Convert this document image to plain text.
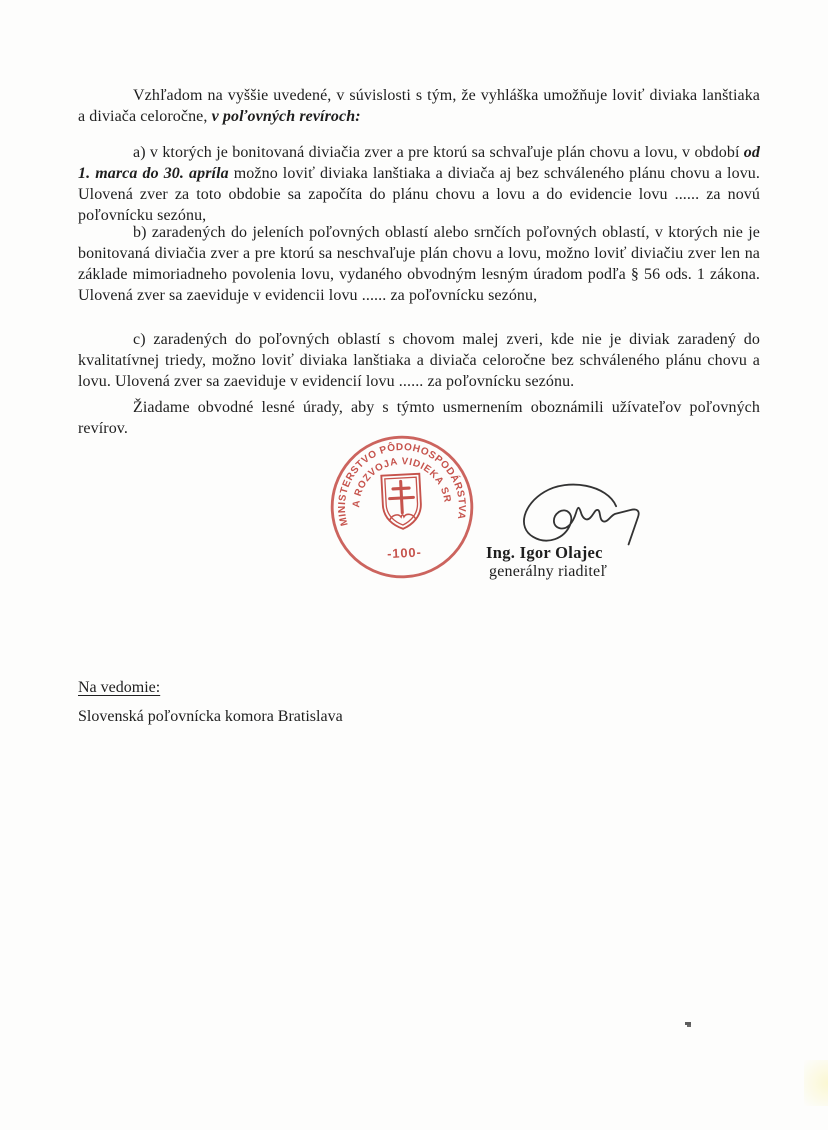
Vzhľadom na vyššie uvedené, v súvislosti s tým, že vyhláška umožňuje loviť diviaka lanštiaka a diviača celoročne, v poľovných revíroch:

a) v ktorých je bonitovaná diviačia zver a pre ktorú sa schvaľuje plán chovu a lovu, v období od 1. marca do 30. apríla možno loviť diviaka lanštiaka a diviača aj bez schváleného plánu chovu a lovu. Ulovená zver za toto obdobie sa započíta do plánu chovu a lovu a do evidencie lovu ...... za novú poľovnícku sezónu,

b) zaradených do jeleních poľovných oblastí alebo srnčích poľovných oblastí, v ktorých nie je bonitovaná diviačia zver a pre ktorú sa neschvaľuje plán chovu a lovu, možno loviť diviačiu zver len na základe mimoriadneho povolenia lovu, vydaného obvodným lesným úradom podľa § 56 ods. 1 zákona. Ulovená zver sa zaeviduje v evidencii lovu ...... za poľovnícku sezónu,

c) zaradených do poľovných oblastí s chovom malej zveri, kde nie je diviak zaradený do kvalitatívnej triedy, možno loviť diviaka lanštiaka a diviača celoročne bez schváleného plánu chovu a lovu. Ulovená zver sa zaeviduje v evidencií lovu ...... za poľovnícku sezónu.

Žiadame obvodné lesné úrady, aby s týmto usmernením oboznámili užívateľov poľovných revírov.

MINISTERSTVO PÔDOHOSPODÁRSTVA
A ROZVOJA VIDIEKA SR
-100-	Ing. Igor Olajec
generálny riaditeľ
Na vedomie:
Slovenská poľovnícka komora Bratislava
